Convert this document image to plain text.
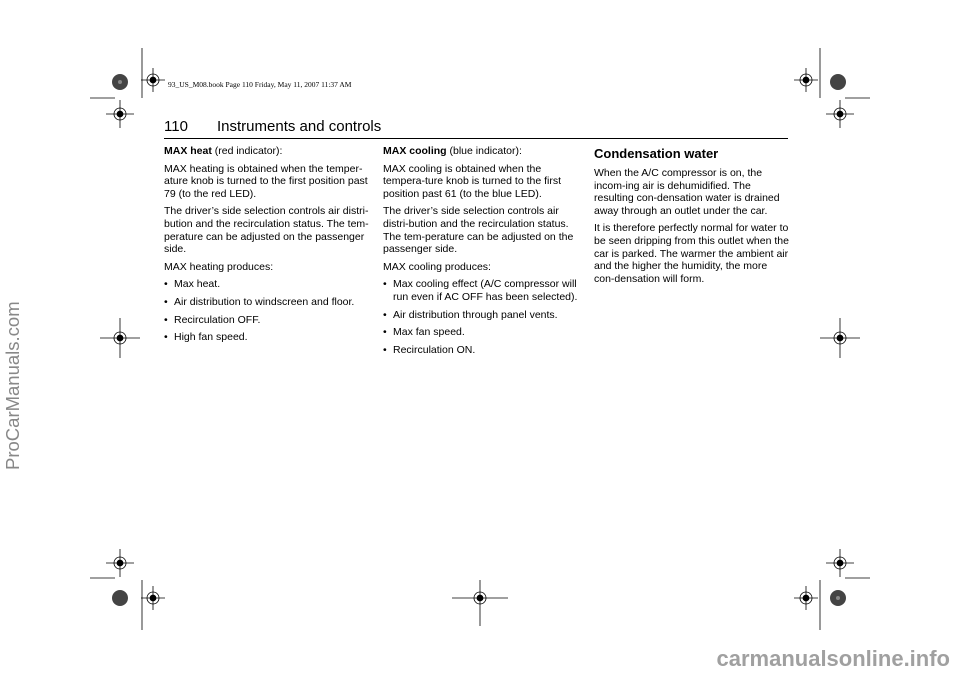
93_US_M08.book Page 110 Friday, May 11, 2007 11:37 AM
110 Instruments and controls

MAX heat (red indicator):

MAX heating is obtained when the temper-ature knob is turned to the first position past 79 (to the red LED).

The driver’s side selection controls air distri-bution and the recirculation status. The tem-perature can be adjusted on the passenger side.

MAX heating produces:

• Max heat.
• Air distribution to windscreen and floor.
• Recirculation OFF.
• High fan speed.

MAX cooling (blue indicator):

MAX cooling is obtained when the tempera-ture knob is turned to the first position past 61 (to the blue LED).

The driver’s side selection controls air distri-bution and the recirculation status. The tem-perature can be adjusted on the passenger side.

MAX cooling produces:

• Max cooling effect (A/C compressor will run even if AC OFF has been selected).
• Air distribution through panel vents.
• Max fan speed.
• Recirculation ON.
Condensation water

When the A/C compressor is on, the incom-ing air is dehumidified. The resulting con-densation water is drained away through an outlet under the car.

It is therefore perfectly normal for water to be seen dripping from this outlet when the car is parked. The warmer the ambient air and the higher the humidity, the more con-densation will form.

ProCarManuals.com
carmanualsonline.info
